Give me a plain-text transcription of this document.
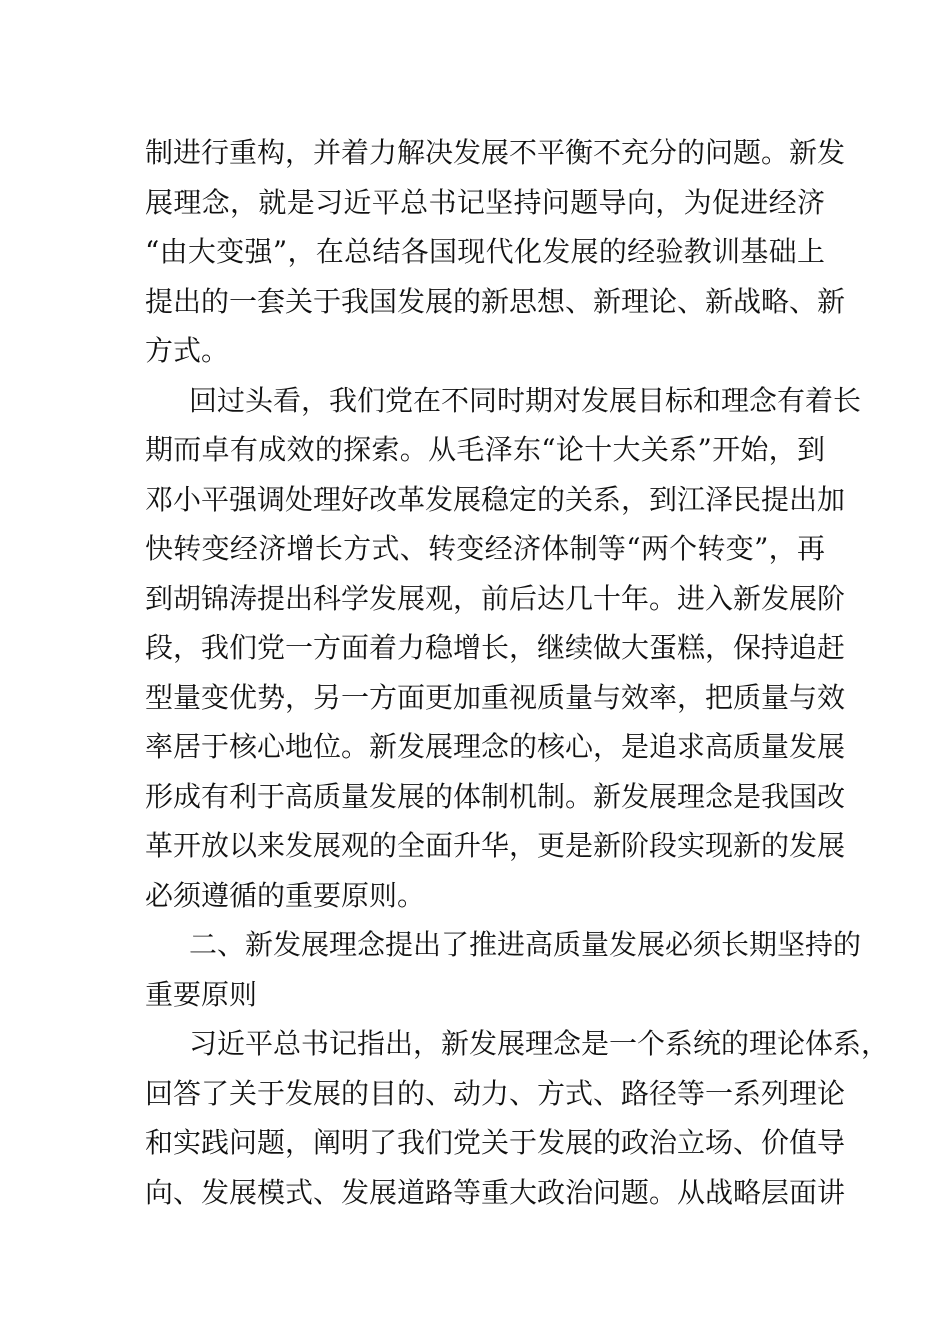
制进行重构，并着力解决发展不平衡不充分的问题。新发
展理念，就是习近平总书记坚持问题导向，为促进经济
“由大变强”，在总结各国现代化发展的经验教训基础上
提出的一套关于我国发展的新思想、新理论、新战略、新
方式。
回过头看，我们党在不同时期对发展目标和理念有着长
期而卓有成效的探索。从毛泽东“论十大关系”开始，到
邓小平强调处理好改革发展稳定的关系，到江泽民提出加
快转变经济增长方式、转变经济体制等“两个转变”，再
到胡锦涛提出科学发展观，前后达几十年。进入新发展阶
段，我们党一方面着力稳增长，继续做大蛋糕，保持追赶
型量变优势，另一方面更加重视质量与效率，把质量与效
率居于核心地位。新发展理念的核心，是追求高质量发展
形成有利于高质量发展的体制机制。新发展理念是我国改
革开放以来发展观的全面升华，更是新阶段实现新的发展
必须遵循的重要原则。
二、新发展理念提出了推进高质量发展必须长期坚持的
重要原则
习近平总书记指出，新发展理念是一个系统的理论体系，
回答了关于发展的目的、动力、方式、路径等一系列理论
和实践问题，阐明了我们党关于发展的政治立场、价值导
向、发展模式、发展道路等重大政治问题。从战略层面讲
